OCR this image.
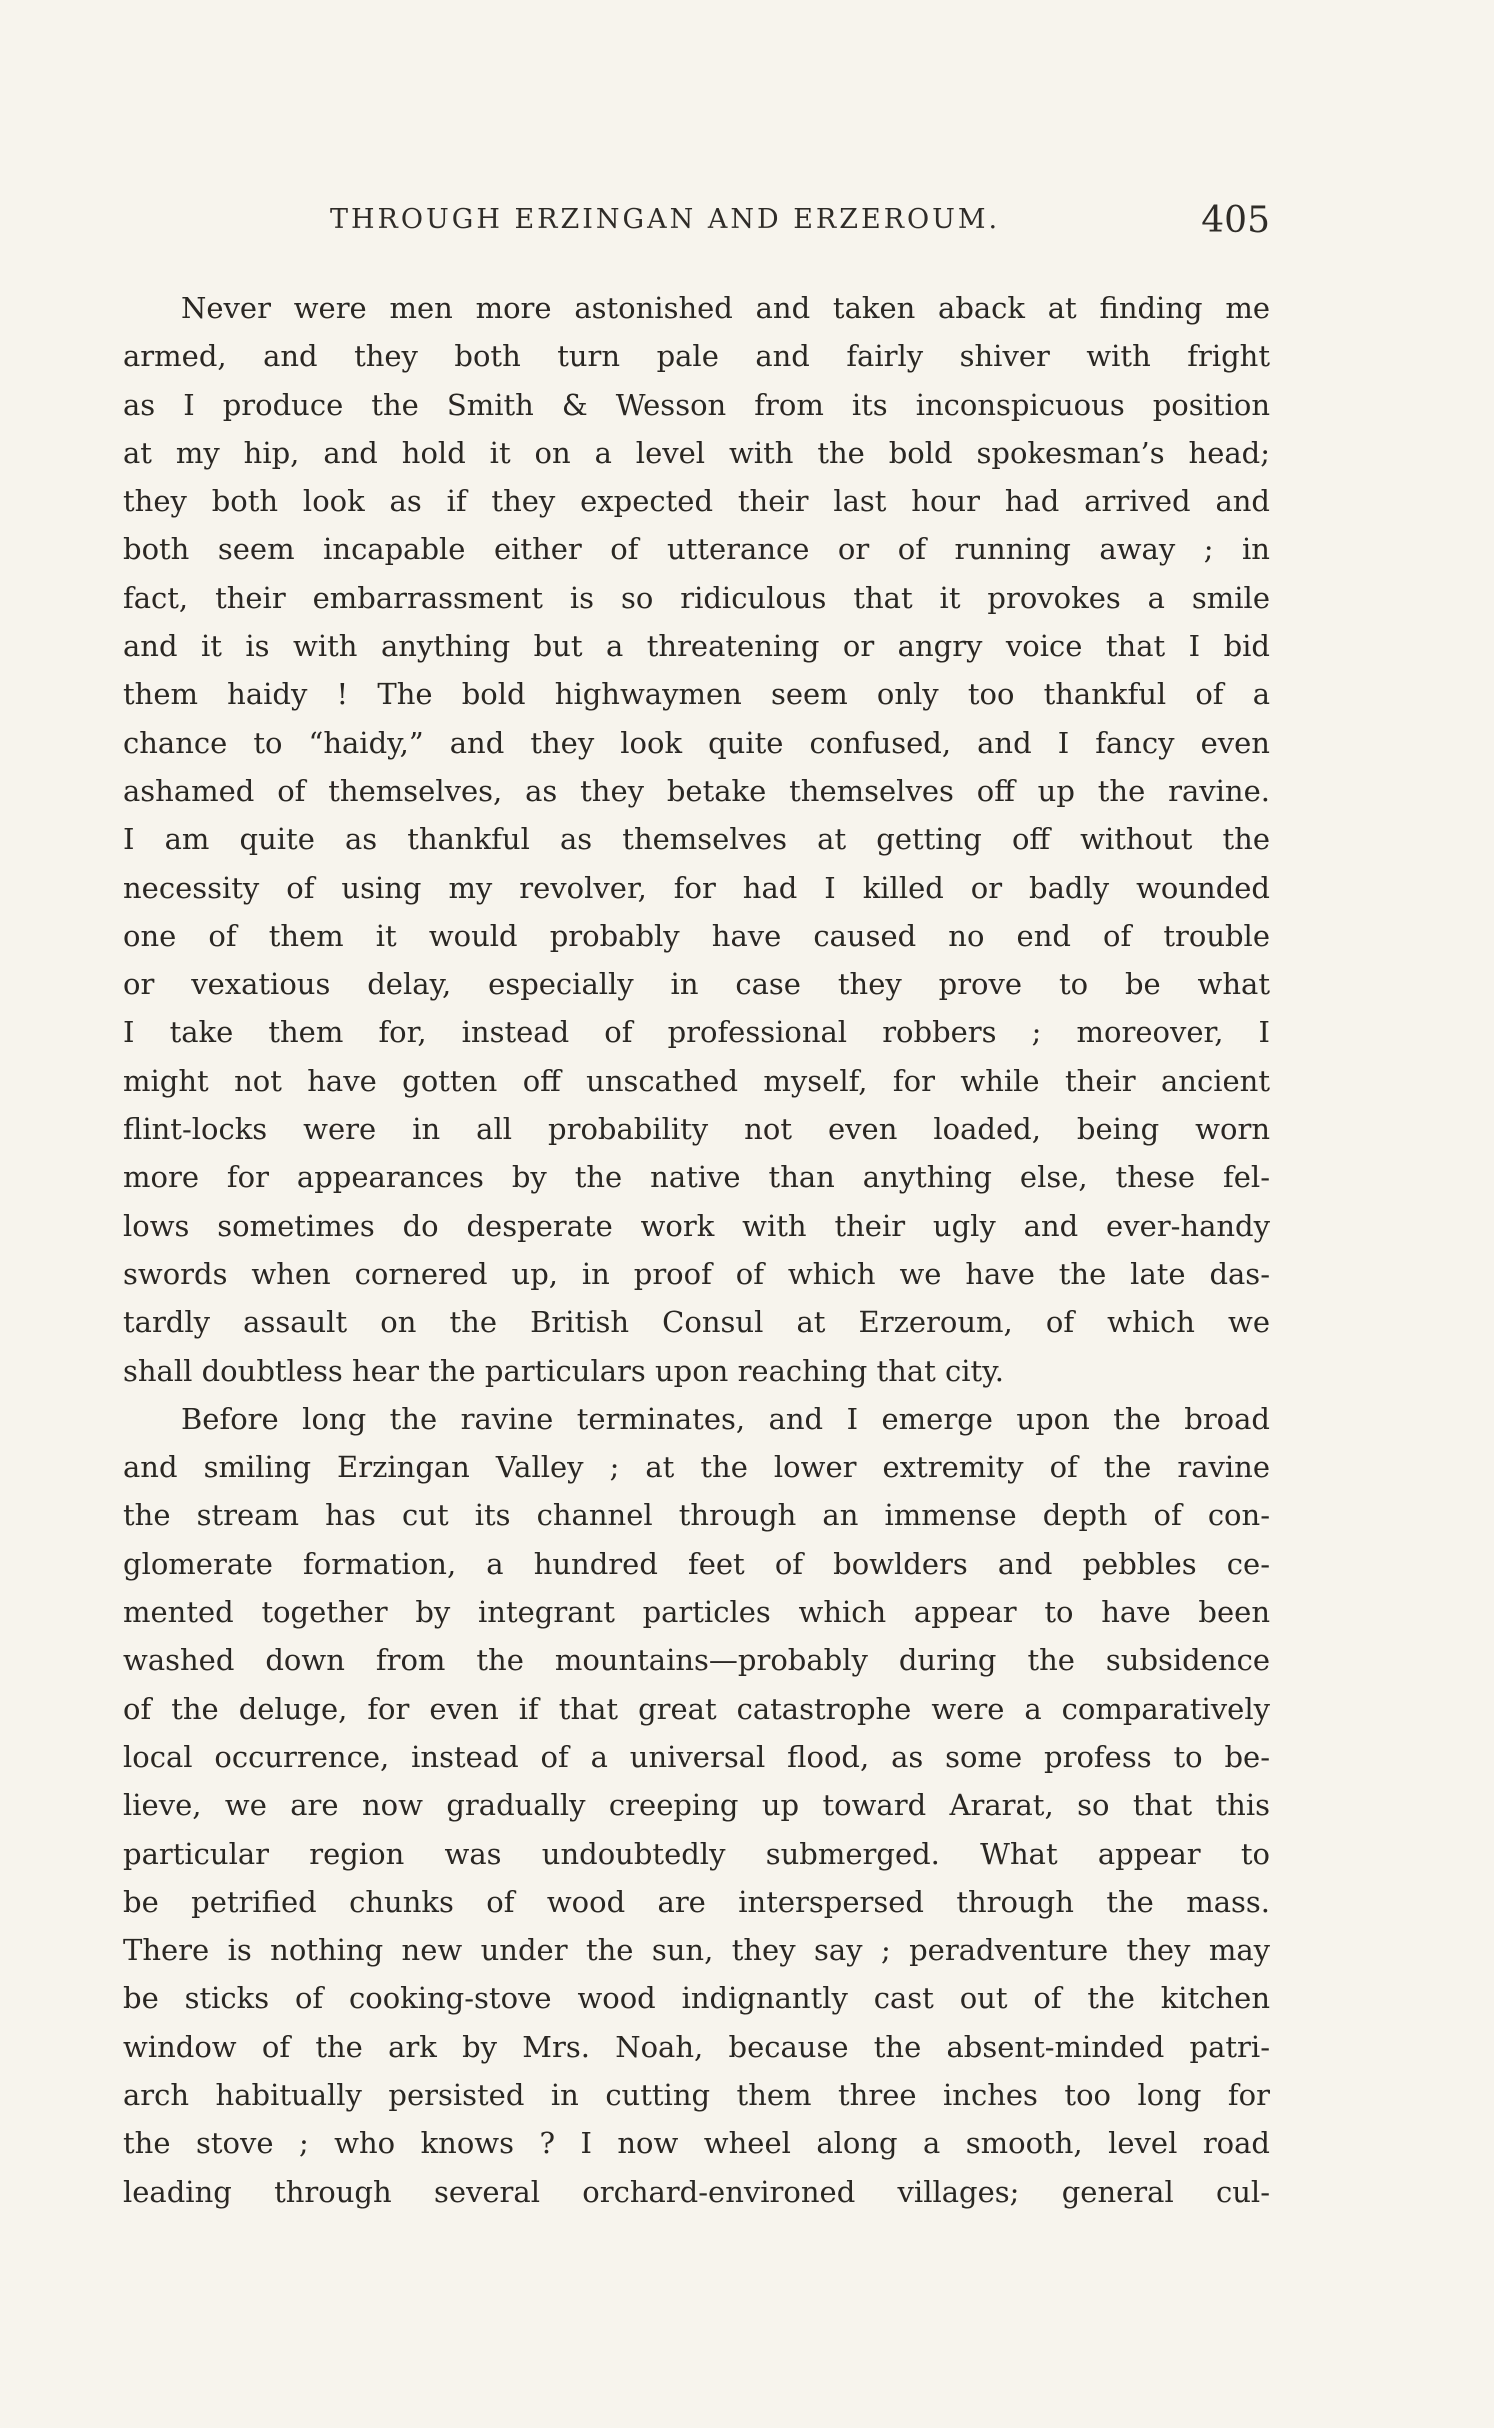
THROUGH ERZINGAN AND ERZEROUM.	405
Never were men more astonished and taken aback at finding me
armed, and they both turn pale and fairly shiver with fright
as I produce the Smith & Wesson from its inconspicuous position
at my hip, and hold it on a level with the bold spokesman’s head;
they both look as if they expected their last hour had arrived and
both seem incapable either of utterance or of running away ; in
fact, their embarrassment is so ridiculous that it provokes a smile
and it is with anything but a threatening or angry voice that I bid
them haidy ! The bold highwaymen seem only too thankful of a
chance to “haidy,” and they look quite confused, and I fancy even
ashamed of themselves, as they betake themselves off up the ravine.
I am quite as thankful as themselves at getting off without the
necessity of using my revolver, for had I killed or badly wounded
one of them it would probably have caused no end of trouble
or vexatious delay, especially in case they prove to be what
I take them for, instead of professional robbers ; moreover, I
might not have gotten off unscathed myself, for while their ancient
flint-locks were in all probability not even loaded, being worn
more for appearances by the native than anything else, these fel-
lows sometimes do desperate work with their ugly and ever-handy
swords when cornered up, in proof of which we have the late das-
tardly assault on the British Consul at Erzeroum, of which we
shall doubtless hear the particulars upon reaching that city.
Before long the ravine terminates, and I emerge upon the broad
and smiling Erzingan Valley ; at the lower extremity of the ravine
the stream has cut its channel through an immense depth of con-
glomerate formation, a hundred feet of bowlders and pebbles ce-
mented together by integrant particles which appear to have been
washed down from the mountains—probably during the subsidence
of the deluge, for even if that great catastrophe were a comparatively
local occurrence, instead of a universal flood, as some profess to be-
lieve, we are now gradually creeping up toward Ararat, so that this
particular region was undoubtedly submerged. What appear to
be petrified chunks of wood are interspersed through the mass.
There is nothing new under the sun, they say ; peradventure they may
be sticks of cooking-stove wood indignantly cast out of the kitchen
window of the ark by Mrs. Noah, because the absent-minded patri-
arch habitually persisted in cutting them three inches too long for
the stove ; who knows ? I now wheel along a smooth, level road
leading through several orchard-environed villages; general cul-
